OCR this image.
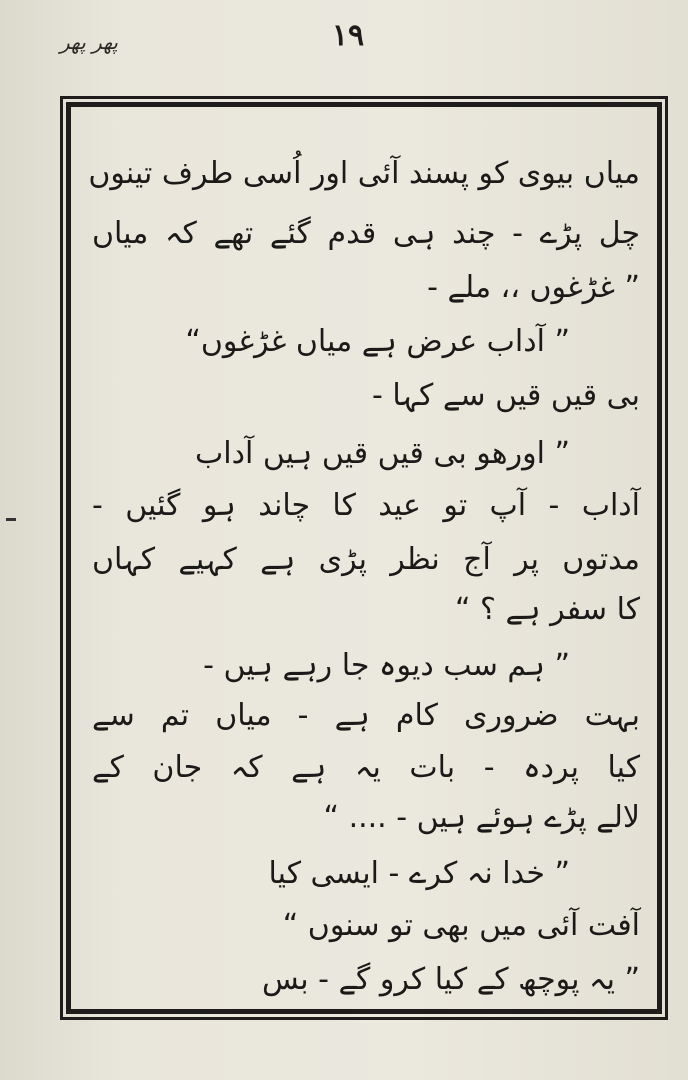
پھر پھر	۱۹
میاں بیوی کو پسند آئی اور اُسی طرف تینوں
چل پڑے - چند ہی قدم گئے تھے کہ میاں
” غڑغوں ،، ملے -
” آداب عرض ہے میاں غڑغوں“
بی قیں قیں سے کہا -
” اورھو بی قیں قیں ہیں آداب
آداب - آپ تو عید کا چاند ہو گئیں -
مدتوں پر آج نظر پڑی ہے کہیے کہاں
کا سفر ہے ؟ “
” ہم سب دیوہ جا رہے ہیں -
بہت ضروری کام ہے - میاں تم سے
کیا پردہ - بات یہ ہے کہ جان کے
لالے پڑے ہوئے ہیں - .... “
” خدا نہ کرے - ایسی کیا
آفت آئی میں بھی تو سنوں “
” یہ پوچھ کے کیا کرو گے - بس
